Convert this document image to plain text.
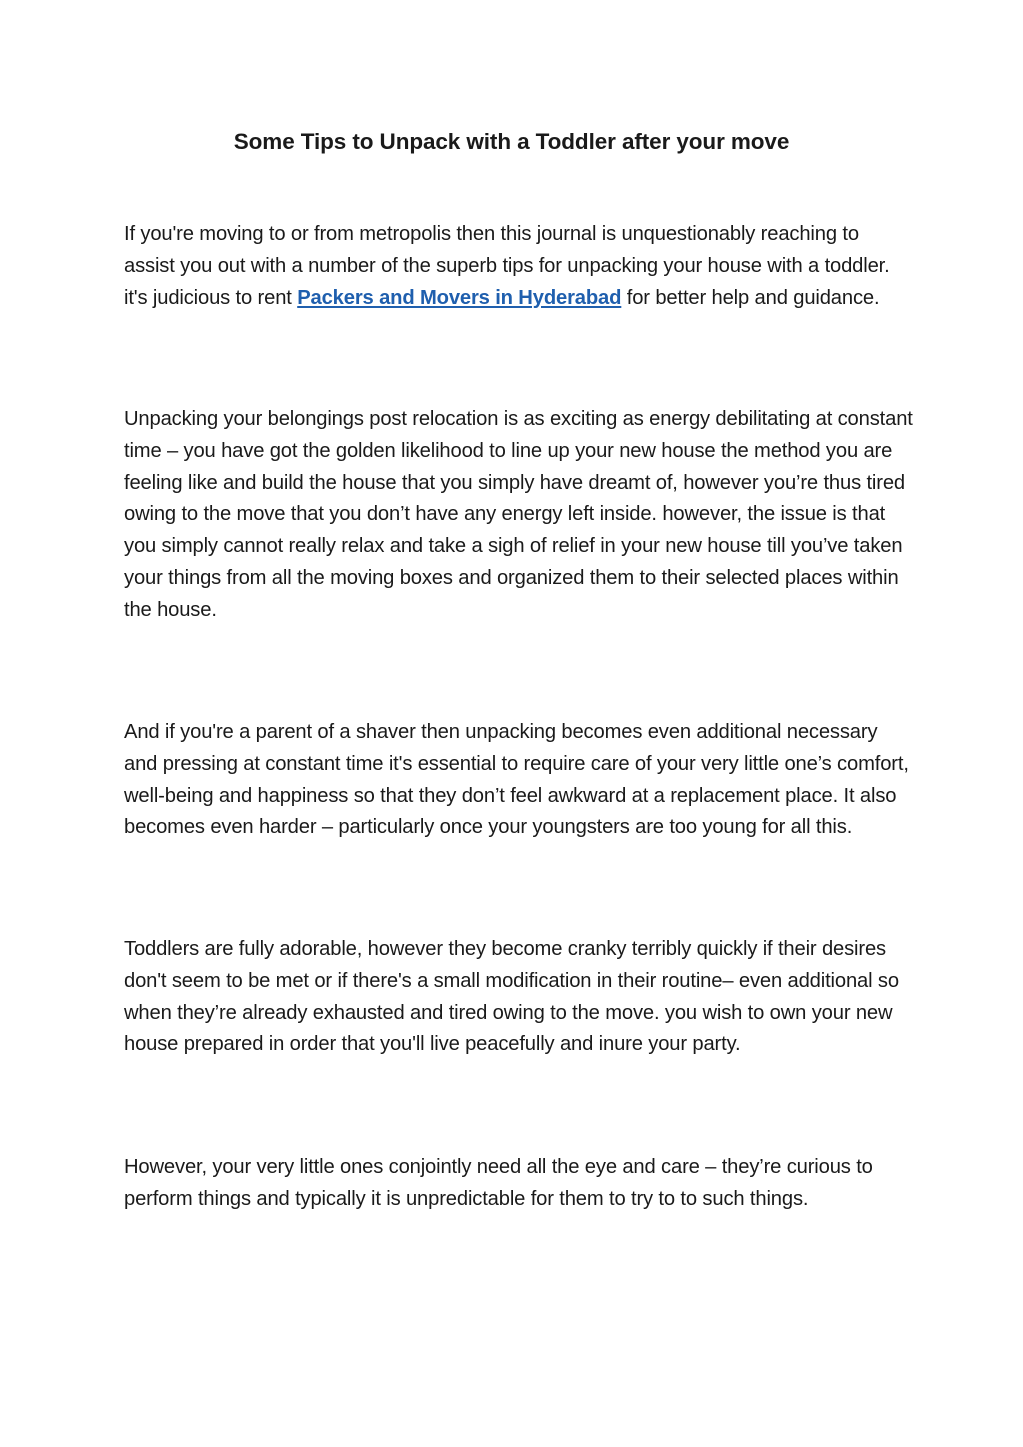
Some Tips to Unpack with a Toddler after your move

If you're moving to or from metropolis then this journal is unquestionably reaching to assist you out with a number of the superb tips for unpacking your house with a toddler. it's judicious to rent Packers and Movers in Hyderabad for better help and guidance.

Unpacking your belongings post relocation is as exciting as energy debilitating at constant time – you have got the golden likelihood to line up your new house the method you are feeling like and build the house that you simply have dreamt of, however you’re thus tired owing to the move that you don’t have any energy left inside. however, the issue is that you simply cannot really relax and take a sigh of relief in your new house till you’ve taken your things from all the moving boxes and organized them to their selected places within the house.

And if you're a parent of a shaver then unpacking becomes even additional necessary and pressing at constant time it's essential to require care of your very little one’s comfort, well-being and happiness so that they don’t feel awkward at a replacement place. It also becomes even harder – particularly once your youngsters are too young for all this.

Toddlers are fully adorable, however they become cranky terribly quickly if their desires don't seem to be met or if there's a small modification in their routine– even additional so when they’re already exhausted and tired owing to the move. you wish to own your new house prepared in order that you'll live peacefully and inure your party.

However, your very little ones conjointly need all the eye and care – they’re curious to perform things and typically it is unpredictable for them to try to to such things.
